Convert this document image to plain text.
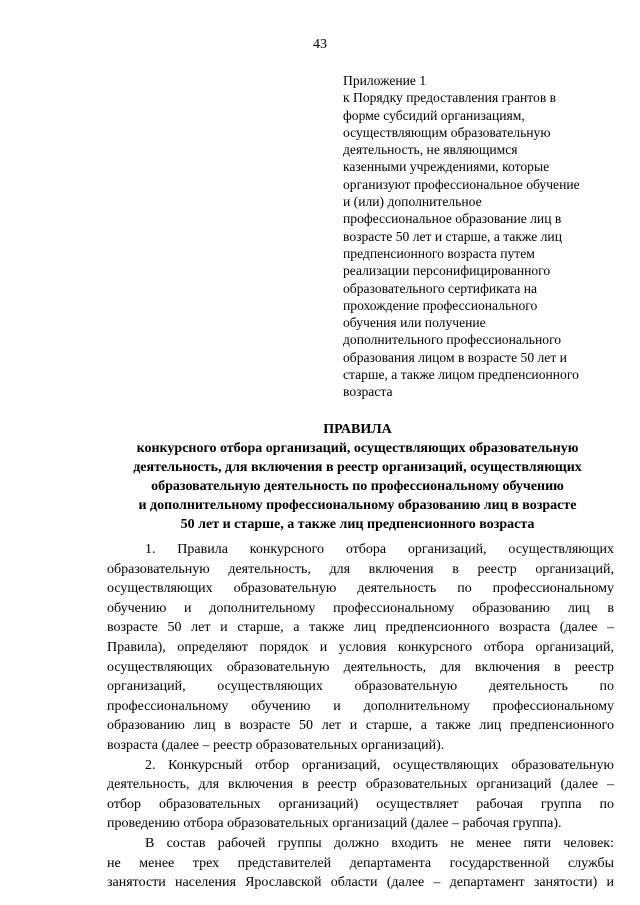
43
Приложение 1
к Порядку предоставления грантов в
форме субсидий организациям,
осуществляющим образовательную
деятельность, не являющимся
казенными учреждениями, которые
организуют профессиональное обучение
и (или) дополнительное
профессиональное образование лиц в
возрасте 50 лет и старше, а также лиц
предпенсионного возраста путем
реализации персонифицированного
образовательного сертификата на
прохождение профессионального
обучения или получение
дополнительного профессионального
образования лицом в возрасте 50 лет и
старше, а также лицом предпенсионного
возраста
ПРАВИЛА
конкурсного отбора организаций, осуществляющих образовательную
деятельность, для включения в реестр организаций, осуществляющих
образовательную деятельность по профессиональному обучению
и дополнительному профессиональному образованию лиц в возрасте
50 лет и старше, а также лиц предпенсионного возраста
1. Правила конкурсного отбора организаций, осуществляющих
образовательную деятельность, для включения в реестр организаций,
осуществляющих образовательную деятельность по профессиональному
обучению и дополнительному профессиональному образованию лиц в
возрасте 50 лет и старше, а также лиц предпенсионного возраста (далее –
Правила), определяют порядок и условия конкурсного отбора организаций,
осуществляющих образовательную деятельность, для включения в реестр
организаций, осуществляющих образовательную деятельность по
профессиональному обучению и дополнительному профессиональному
образованию лиц в возрасте 50 лет и старше, а также лиц предпенсионного
возраста (далее – реестр образовательных организаций).
2. Конкурсный отбор организаций, осуществляющих образовательную
деятельность, для включения в реестр образовательных организаций (далее –
отбор образовательных организаций) осуществляет рабочая группа по
проведению отбора образовательных организаций (далее – рабочая группа).
В состав рабочей группы должно входить не менее пяти человек:
не менее трех представителей департамента государственной службы
занятости населения Ярославской области (далее – департамент занятости) и
